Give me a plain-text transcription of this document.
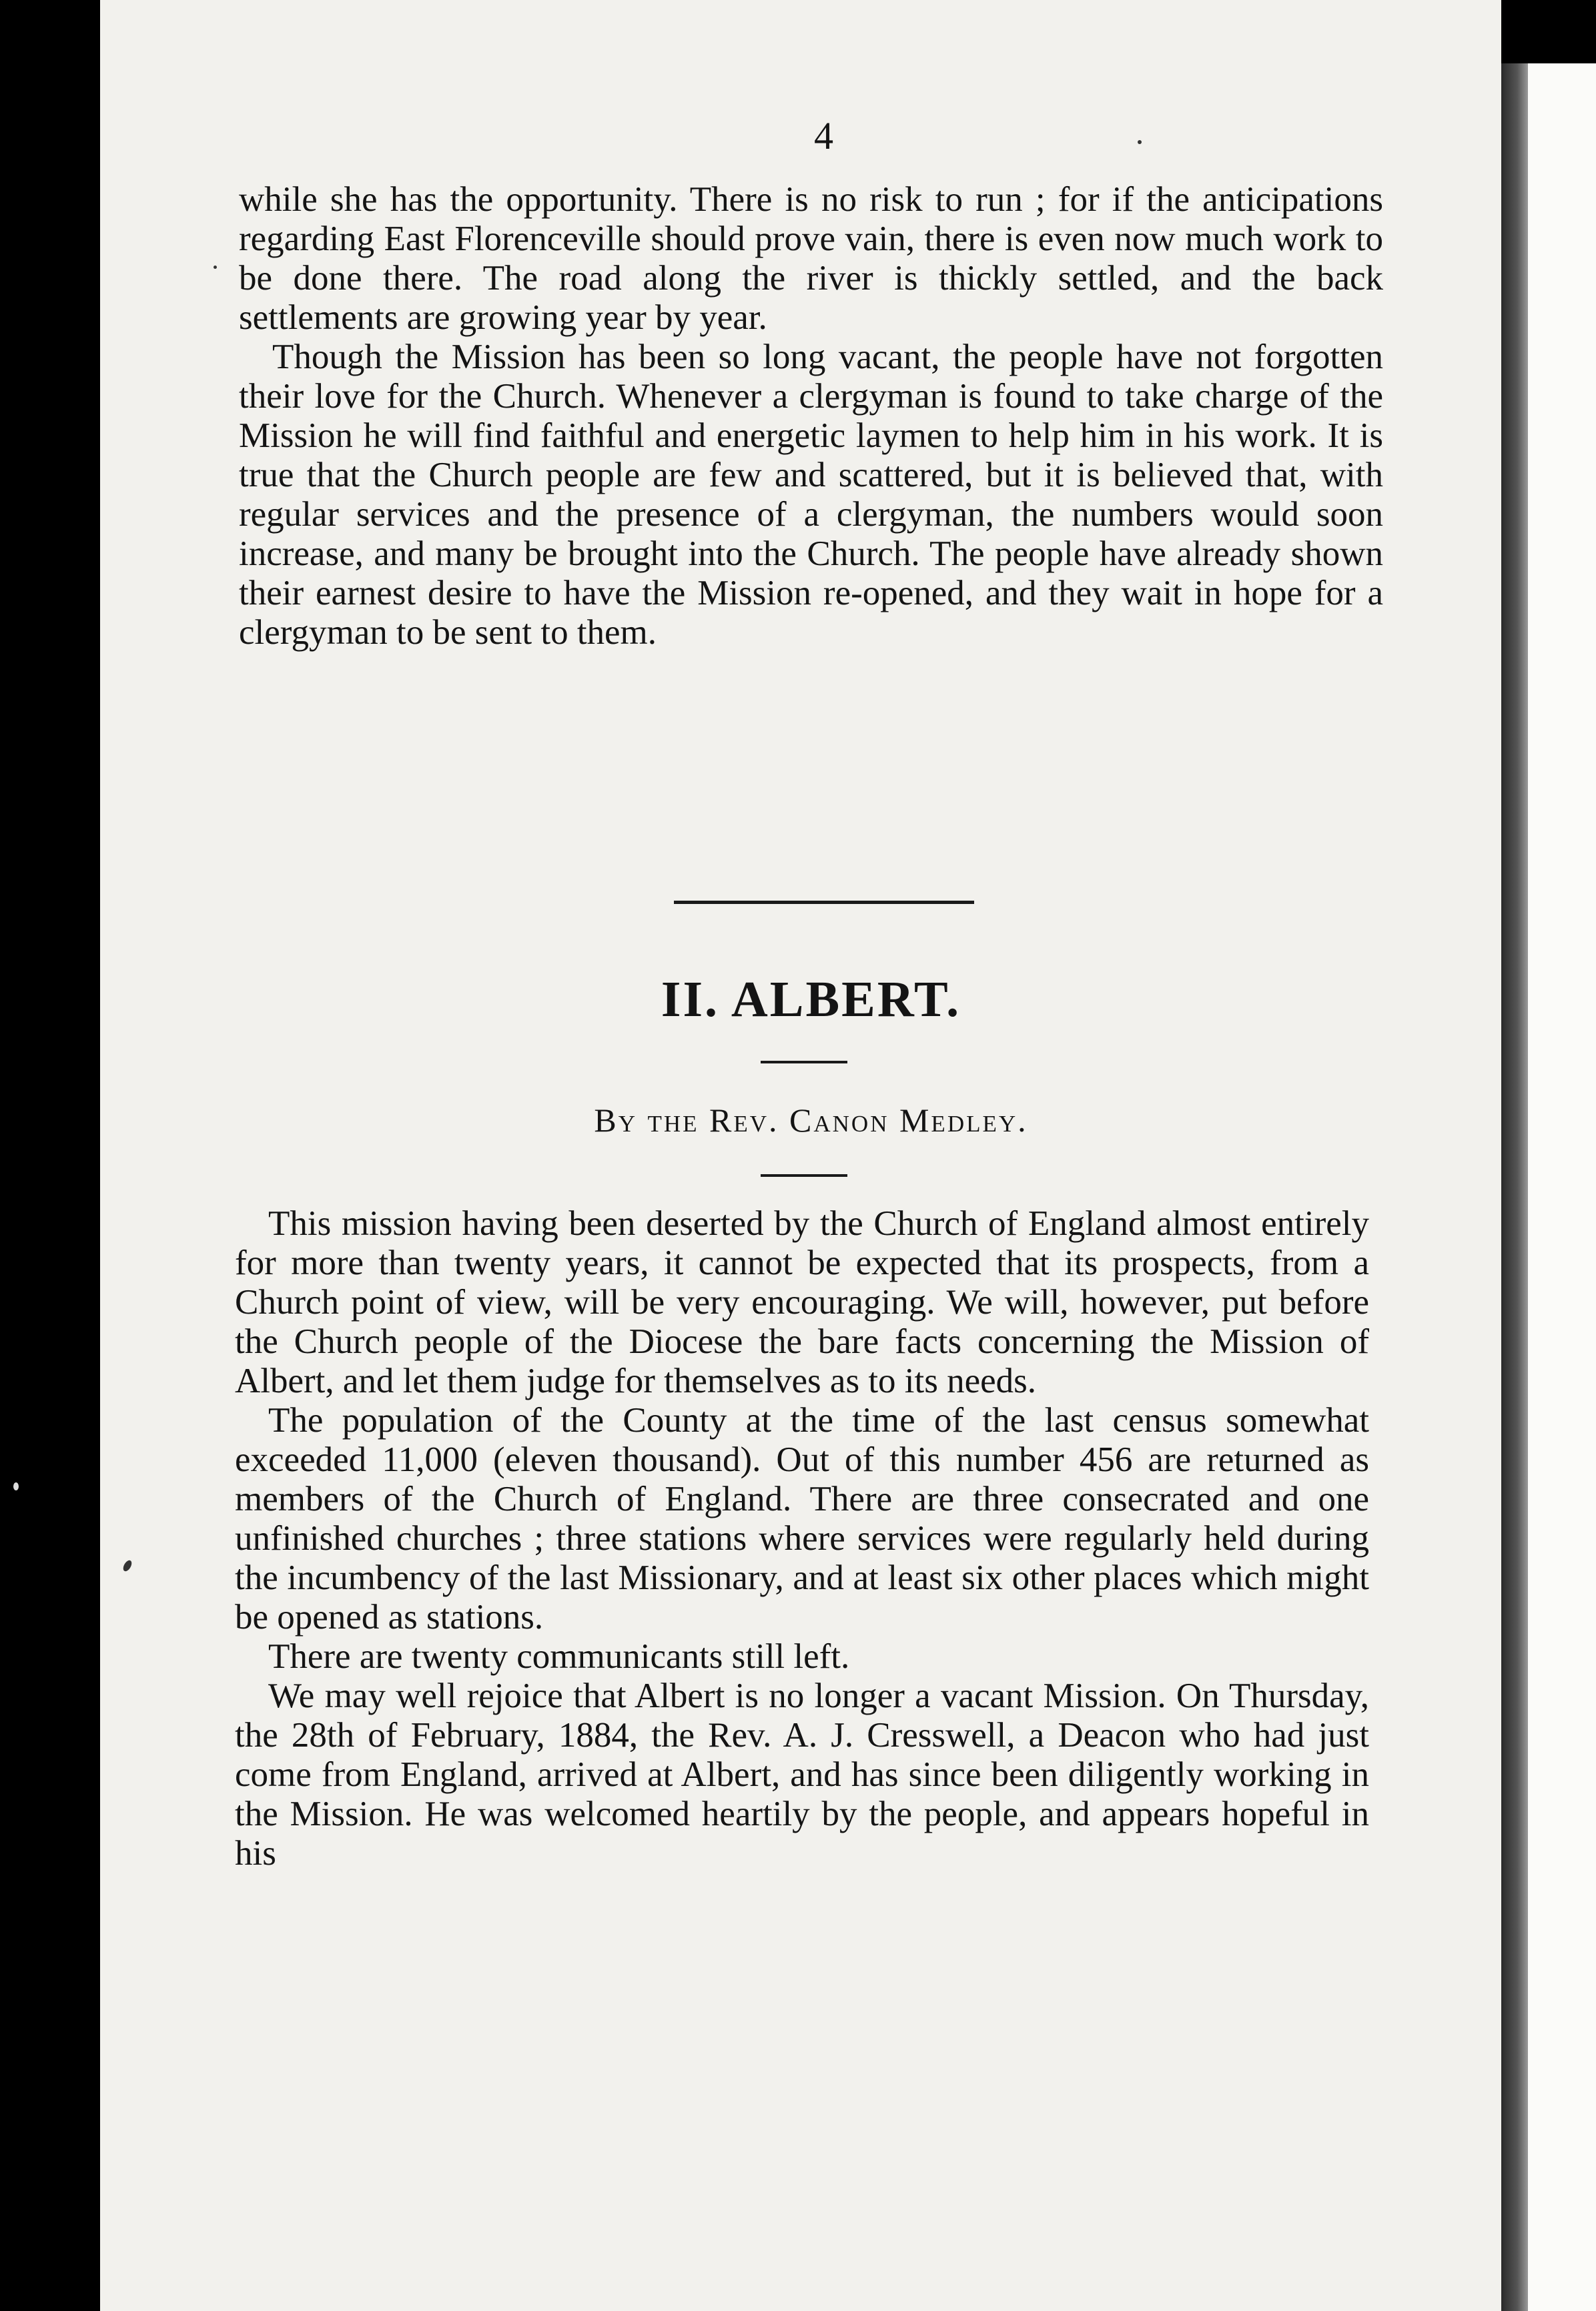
4

while she has the opportunity. There is no risk to run ; for if the anticipations regarding East Florenceville should prove vain, there is even now much work to be done there. The road along the river is thickly settled, and the back settlements are growing year by year.

Though the Mission has been so long vacant, the people have not forgotten their love for the Church. Whenever a clergyman is found to take charge of the Mission he will find faithful and energetic laymen to help him in his work. It is true that the Church people are few and scattered, but it is believed that, with regular services and the presence of a clergyman, the numbers would soon increase, and many be brought into the Church. The people have already shown their earnest desire to have the Mission re-opened, and they wait in hope for a clergyman to be sent to them.

II. ALBERT.
By the Rev. Canon Medley.

This mission having been deserted by the Church of England almost entirely for more than twenty years, it cannot be expected that its prospects, from a Church point of view, will be very encouraging. We will, however, put before the Church people of the Diocese the bare facts concerning the Mission of Albert, and let them judge for themselves as to its needs.

The population of the County at the time of the last census somewhat exceeded 11,000 (eleven thousand). Out of this number 456 are returned as members of the Church of England. There are three consecrated and one unfinished churches ; three stations where services were regularly held during the incumbency of the last Missionary, and at least six other places which might be opened as stations.

There are twenty communicants still left.

We may well rejoice that Albert is no longer a vacant Mission. On Thursday, the 28th of February, 1884, the Rev. A. J. Cresswell, a Deacon who had just come from England, arrived at Albert, and has since been diligently working in the Mission. He was welcomed heartily by the people, and appears hopeful in his
